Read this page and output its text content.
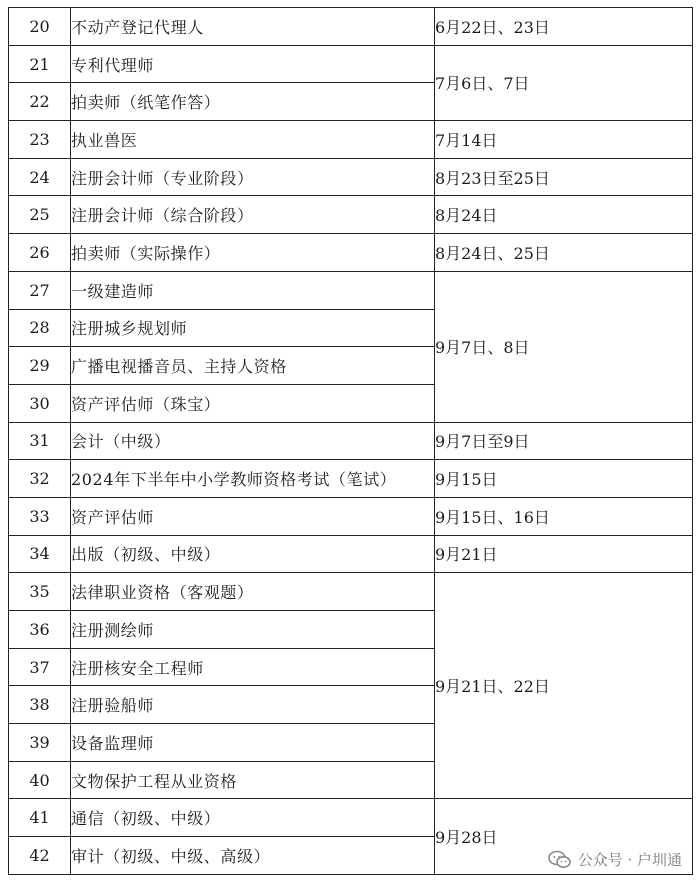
20	不动产登记代理人	6月22日、23日
21	专利代理师	7月6日、7日
22	拍卖师（纸笔作答）	
23	执业兽医	7月14日
24	注册会计师（专业阶段）	8月23日至25日
25	注册会计师（综合阶段）	8月24日
26	拍卖师（实际操作）	8月24日、25日
27	一级建造师	9月7日、8日
28	注册城乡规划师	
29	广播电视播音员、主持人资格	
30	资产评估师（珠宝）	
31	会计（中级）	9月7日至9日
32	2024年下半年中小学教师资格考试（笔试）	9月15日
33	资产评估师	9月15日、16日
34	出版（初级、中级）	9月21日
35	法律职业资格（客观题）	9月21日、22日
36	注册测绘师	
37	注册核安全工程师	
38	注册验船师	
39	设备监理师	
40	文物保护工程从业资格	
41	通信（初级、中级）	9月28日
42	审计（初级、中级、高级）		公众号 · 户圳通
